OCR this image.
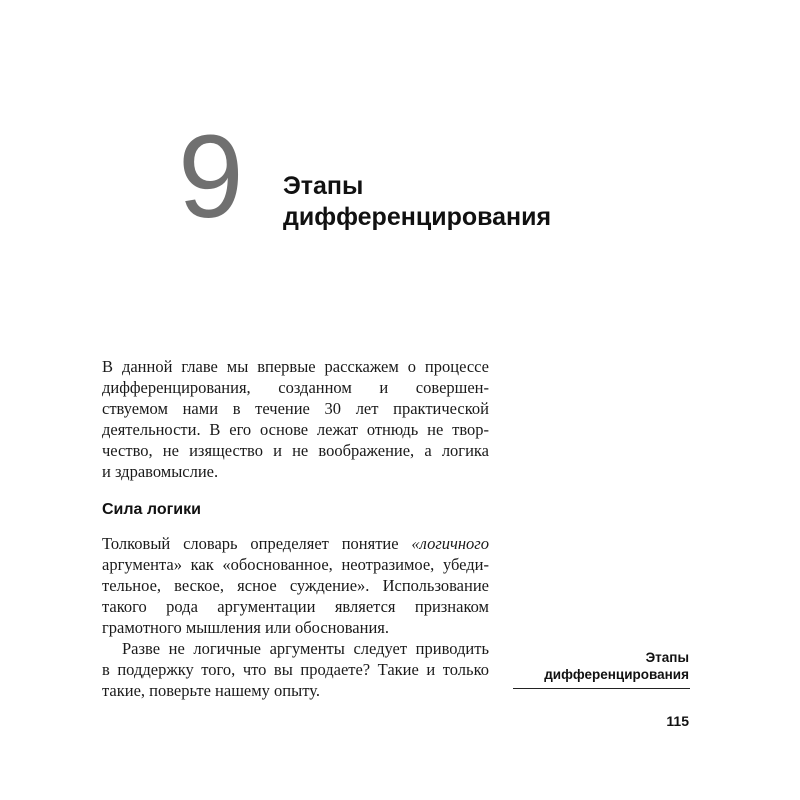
9 Этапы
дифференцирования
В данной главе мы впервые расскажем о процессе
дифференцирования, созданном и совершен-
ствуемом нами в течение 30 лет практической
деятельности. В его основе лежат отнюдь не твор-
чество, не изящество и не воображение, а логика
и здравомыслие.
Сила логики
Толковый словарь определяет понятие «логичного
аргумента» как «обоснованное, неотразимое, убеди-
тельное, веское, ясное суждение». Использование
такого рода аргументации является признаком
грамотного мышления или обоснования.
Разве не логичные аргументы следует приводить
в поддержку того, что вы продаете? Такие и только
такие, поверьте нашему опыту.
Этапы
дифференцирования
115
